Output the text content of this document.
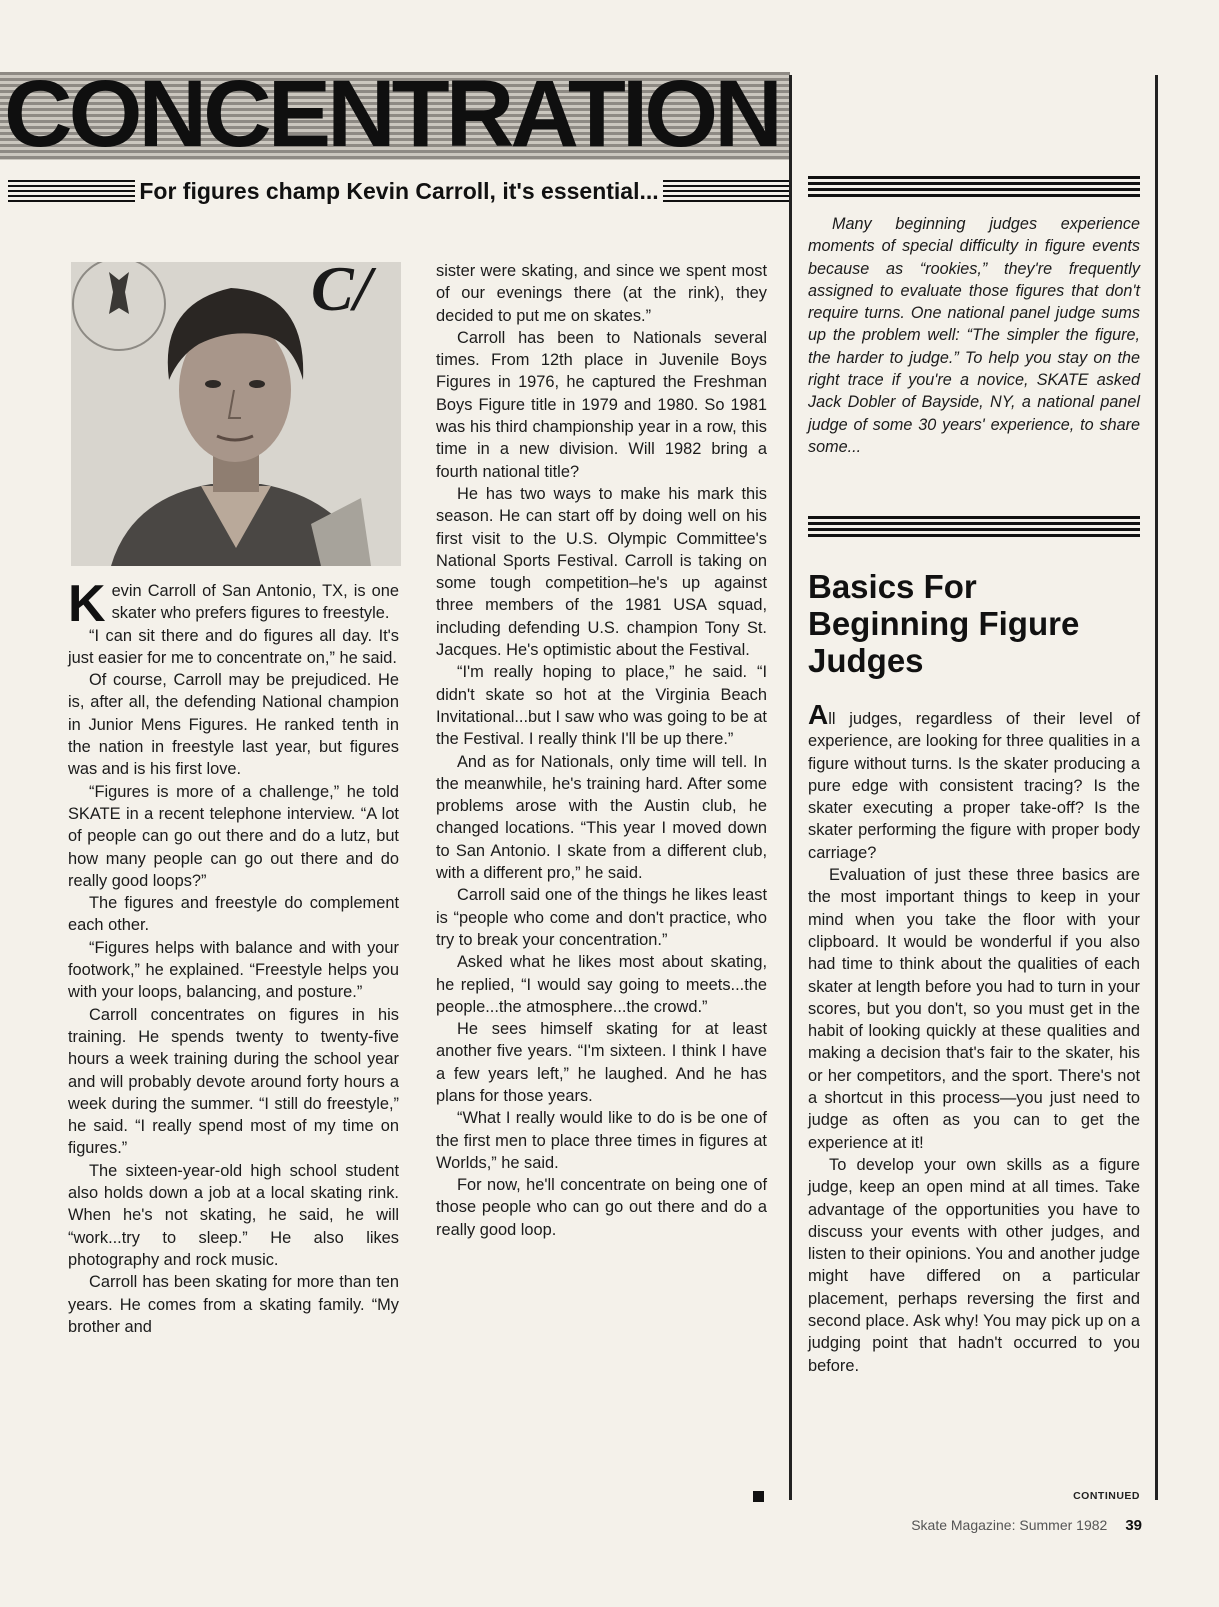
CONCENTRATION
For figures champ Kevin Carroll, it's essential...
C/

Kevin Carroll of San Antonio, TX, is one skater who prefers figures to freestyle.

“I can sit there and do figures all day. It's just easier for me to concentrate on,” he said.

Of course, Carroll may be prejudiced. He is, after all, the defending National champion in Junior Mens Figures. He ranked tenth in the nation in freestyle last year, but figures was and is his first love.

“Figures is more of a challenge,” he told SKATE in a recent telephone interview. “A lot of people can go out there and do a lutz, but how many people can go out there and do really good loops?”

The figures and freestyle do complement each other.

“Figures helps with balance and with your footwork,” he explained. “Freestyle helps you with your loops, balancing, and posture.”

Carroll concentrates on figures in his training. He spends twenty to twenty-five hours a week training during the school year and will probably devote around forty hours a week during the summer. “I still do freestyle,” he said. “I really spend most of my time on figures.”

The sixteen-year-old high school student also holds down a job at a local skating rink. When he's not skating, he said, he will “work...try to sleep.” He also likes photography and rock music.

Carroll has been skating for more than ten years. He comes from a skating family. “My brother and

sister were skating, and since we spent most of our evenings there (at the rink), they decided to put me on skates.”

Carroll has been to Nationals several times. From 12th place in Juvenile Boys Figures in 1976, he captured the Freshman Boys Figure title in 1979 and 1980. So 1981 was his third championship year in a row, this time in a new division. Will 1982 bring a fourth national title?

He has two ways to make his mark this season. He can start off by doing well on his first visit to the U.S. Olympic Committee's National Sports Festival. Carroll is taking on some tough competition–he's up against three members of the 1981 USA squad, including defending U.S. champion Tony St. Jacques. He's optimistic about the Festival.

“I'm really hoping to place,” he said. “I didn't skate so hot at the Virginia Beach Invitational...but I saw who was going to be at the Festival. I really think I'll be up there.”

And as for Nationals, only time will tell. In the meanwhile, he's training hard. After some problems arose with the Austin club, he changed locations. “This year I moved down to San Antonio. I skate from a different club, with a different pro,” he said.

Carroll said one of the things he likes least is “people who come and don't practice, who try to break your concentration.”

Asked what he likes most about skating, he replied, “I would say going to meets...the people...the atmosphere...the crowd.”

He sees himself skating for at least another five years. “I'm sixteen. I think I have a few years left,” he laughed. And he has plans for those years.

“What I really would like to do is be one of the first men to place three times in figures at Worlds,” he said.

For now, he'll concentrate on being one of those people who can go out there and do a really good loop.

Many beginning judges experience moments of special difficulty in figure events because as “rookies,” they're frequently assigned to evaluate those figures that don't require turns. One national panel judge sums up the problem well: “The simpler the figure, the harder to judge.” To help you stay on the right trace if you're a novice, SKATE asked Jack Dobler of Bayside, NY, a national panel judge of some 30 years' experience, to share some...

Basics For Beginning Figure Judges

All judges, regardless of their level of experience, are looking for three qualities in a figure without turns. Is the skater producing a pure edge with consistent tracing? Is the skater executing a proper take-off? Is the skater performing the figure with proper body carriage?

Evaluation of just these three basics are the most important things to keep in your mind when you take the floor with your clipboard. It would be wonderful if you also had time to think about the qualities of each skater at length before you had to turn in your scores, but you don't, so you must get in the habit of looking quickly at these qualities and making a decision that's fair to the skater, his or her competitors, and the sport. There's not a shortcut in this process—you just need to judge as often as you can to get the experience at it!

To develop your own skills as a figure judge, keep an open mind at all times. Take advantage of the opportunities you have to discuss your events with other judges, and listen to their opinions. You and another judge might have differed on a particular placement, perhaps reversing the first and second place. Ask why! You may pick up on a judging point that hadn't occurred to you before.

CONTINUED
Skate Magazine: Summer 1982 39
